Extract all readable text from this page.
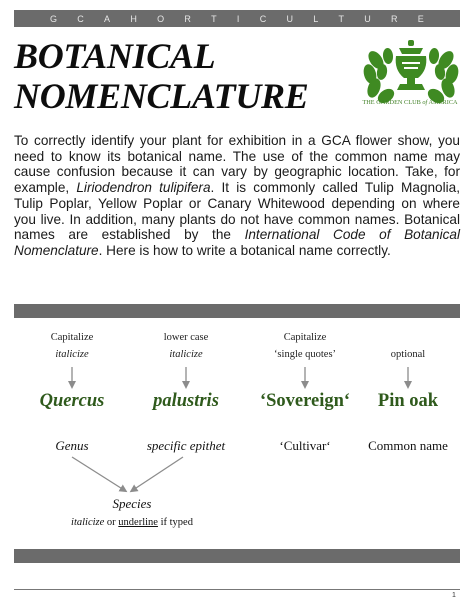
G C A H O R T I C U L T U R E
BOTANICAL
NOMENCLATURE	THE GARDEN CLUB of AMERICA
To correctly identify your plant for exhibition in a GCA flower show, you need to know its botanical name. The use of the common name may cause confusion because it can vary by geographic location. Take, for example, Liriodendron tulipifera. It is commonly called Tulip Magnolia, Tulip Poplar, Yellow Poplar or Canary Whitewood depending on where you live. In addition, many plants do not have common names. Botanical names are established by the International Code of Botanical Nomenclature. Here is how to write a botanical name correctly.
Capitalize
italicize
Quercus
Genus
lower case
italicize
palustris
specific epithet
Capitalize
‘single quotes’
‘Sovereign‘
‘Cultivar‘
optional
Pin oak
Common name
Species
italicize or underline if typed
1
